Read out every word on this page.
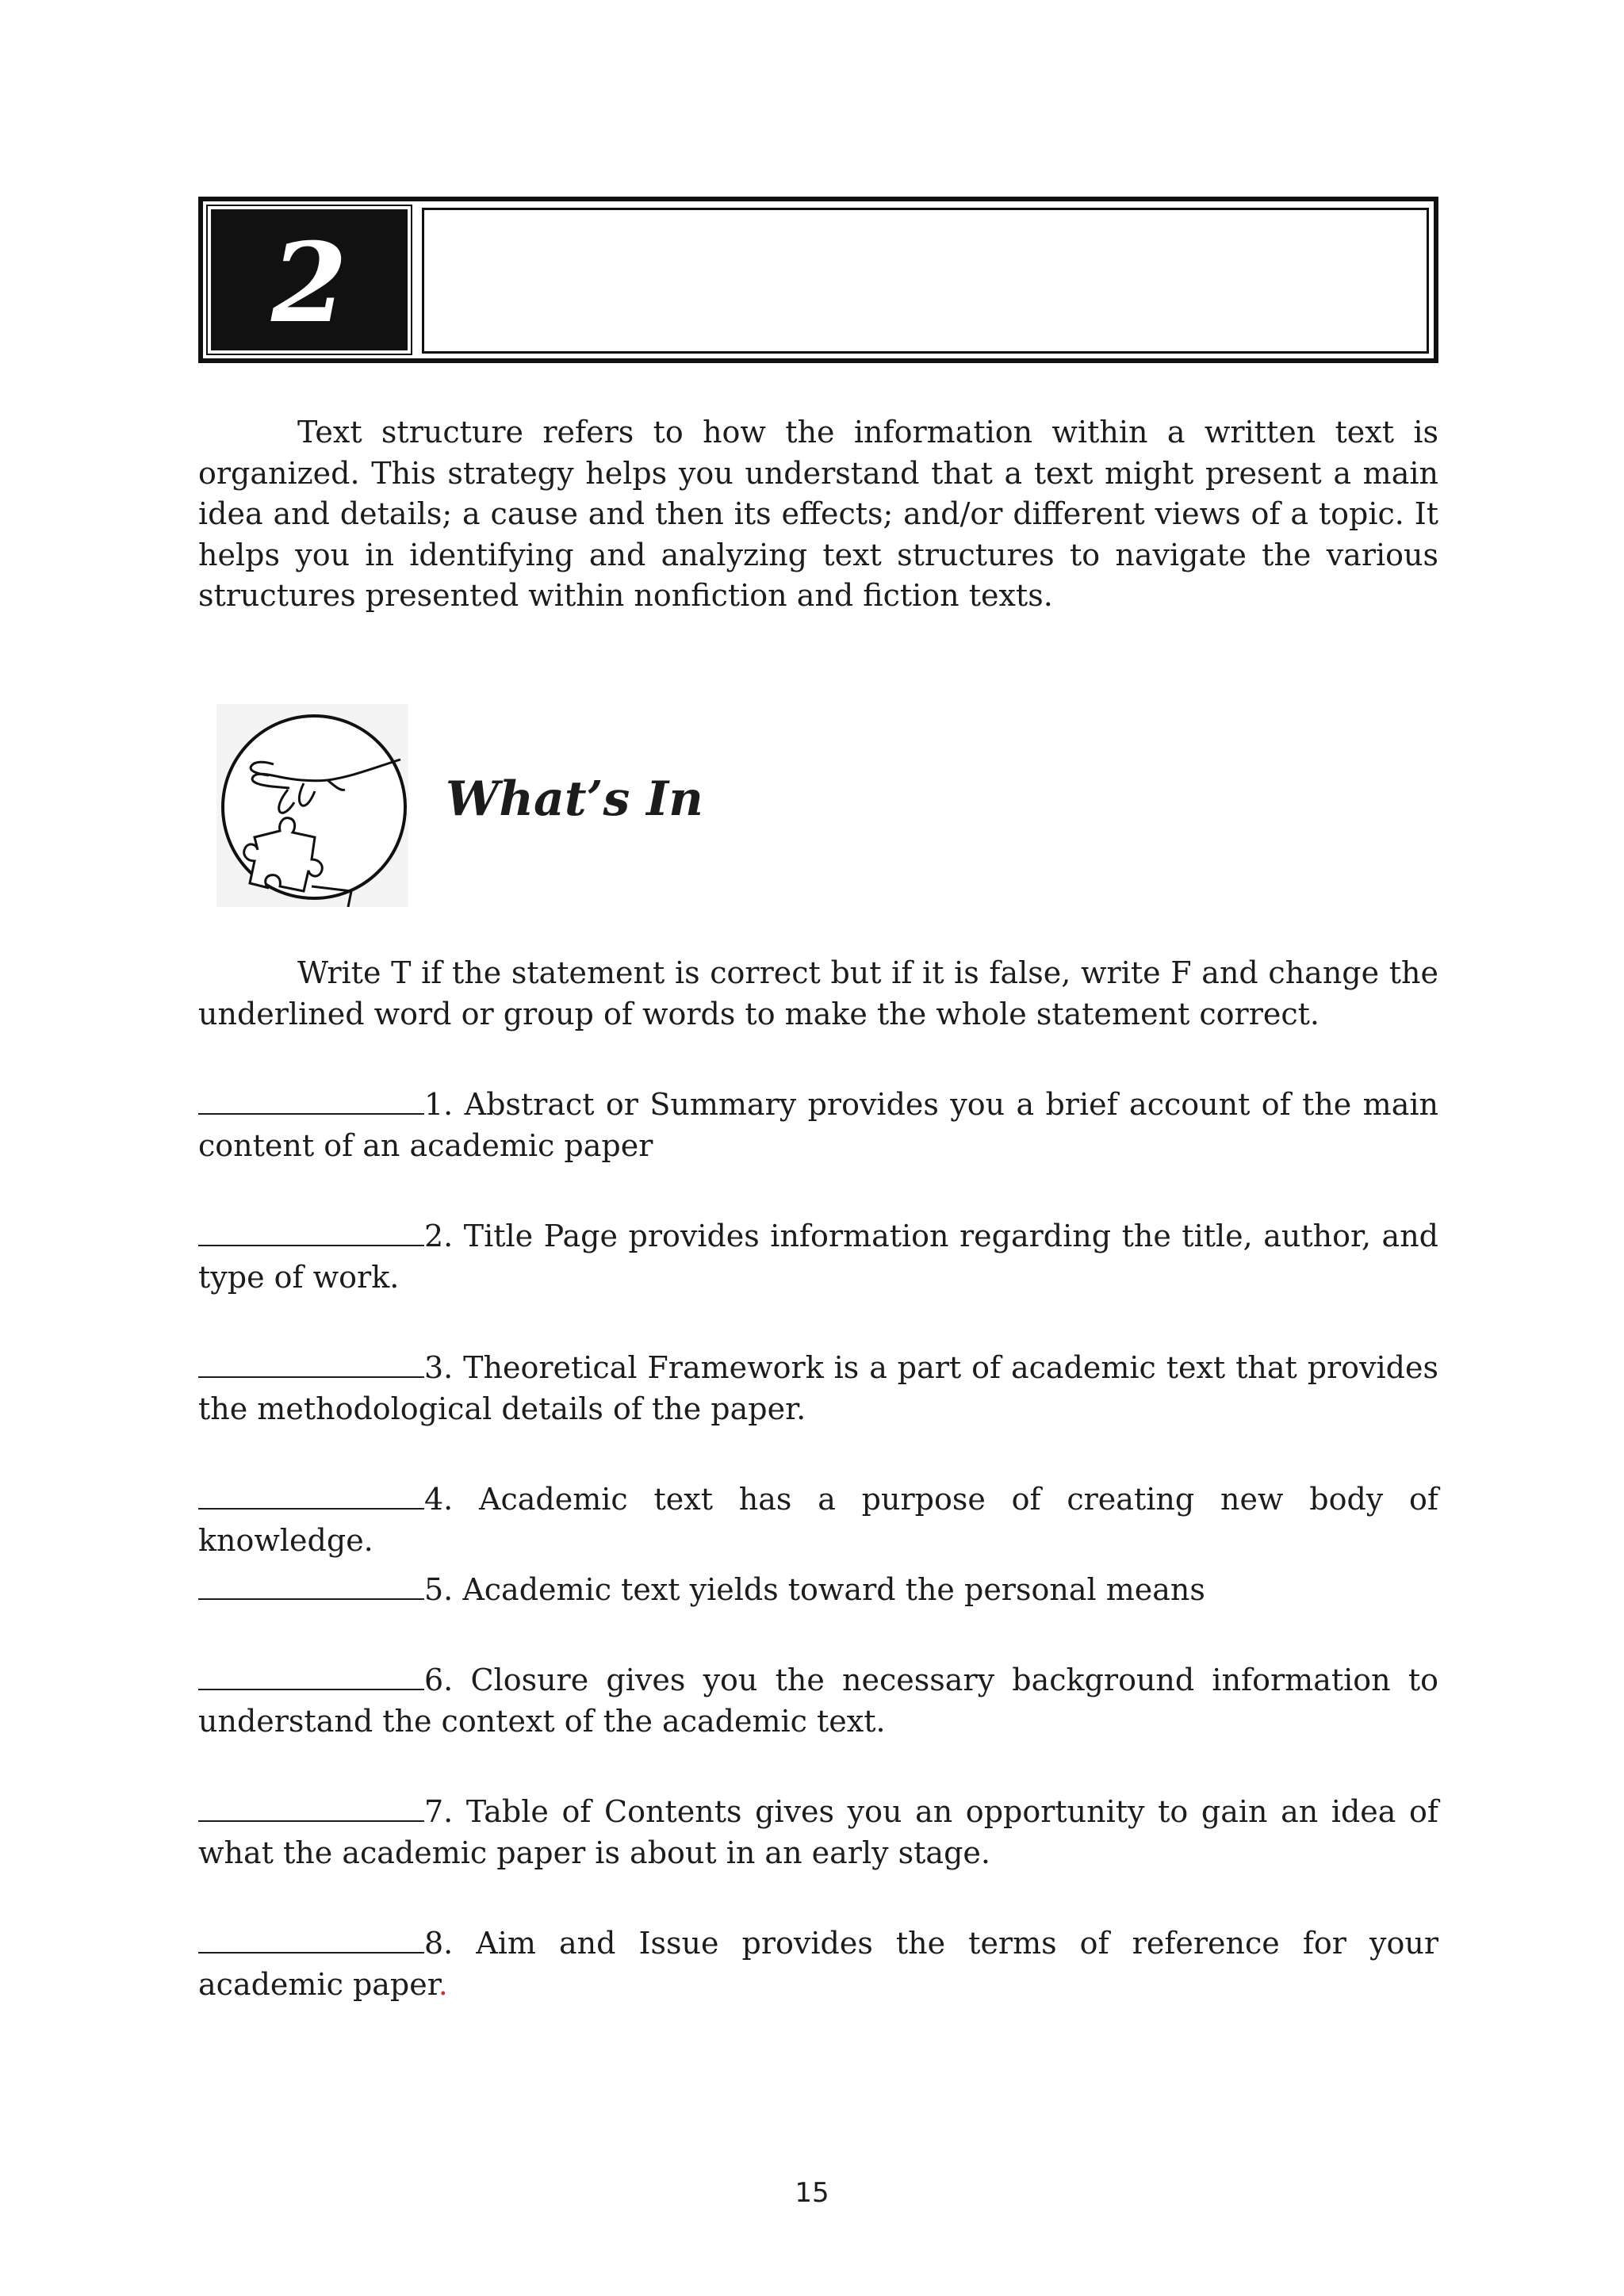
2

Text structure refers to how the information within a written text is organized. This strategy helps you understand that a text might present a main idea and details; a cause and then its effects; and/or different views of a topic. It helps you in identifying and analyzing text structures to navigate the various structures presented within nonfiction and fiction texts.

What’s In

Write T if the statement is correct but if it is false, write F and change the underlined word or group of words to make the whole statement correct.

1. Abstract or Summary provides you a brief account of the main content of an academic paper

2. Title Page provides information regarding the title, author, and type of work.

3. Theoretical Framework is a part of academic text that provides the methodological details of the paper.

4. Academic text has a purpose of creating new body of knowledge.

5. Academic text yields toward the personal means

6. Closure gives you the necessary background information to understand the context of the academic text.

7. Table of Contents gives you an opportunity to gain an idea of what the academic paper is about in an early stage.

8. Aim and Issue provides the terms of reference for your academic paper.

15
